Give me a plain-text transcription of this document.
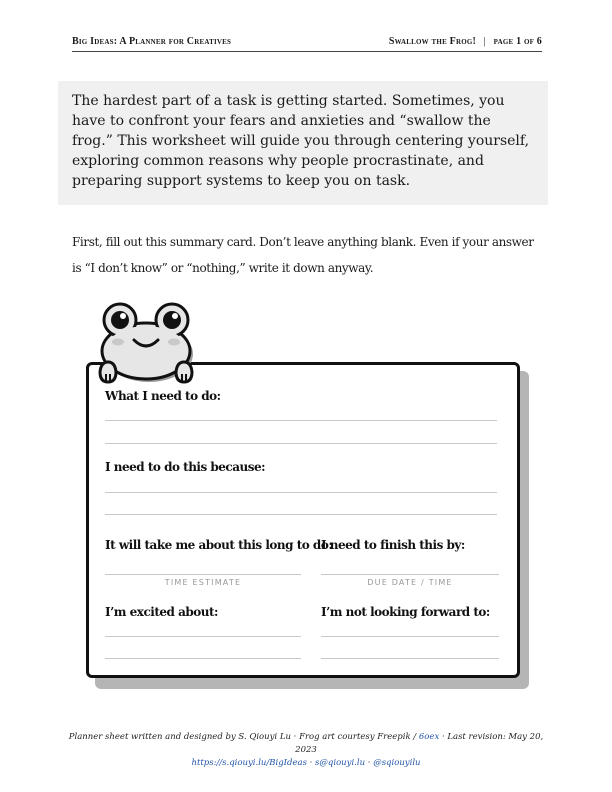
Big Ideas: A Planner for Creatives	Swallow the Frog! | page 1 of 6
The hardest part of a task is getting started. Sometimes, you have to confront your fears and anxieties and “swallow the frog.” This worksheet will guide you through centering yourself, exploring common reasons why people procrastinate, and preparing support systems to keep you on task.
First, fill out this summary card. Don’t leave anything blank. Even if your answer is “I don’t know” or “nothing,” write it down anyway.
What I need to do:
I need to do this because:
It will take me about this long to do:
TIME ESTIMATE
I need to finish this by:
DUE DATE / TIME
I’m excited about:	I’m not looking forward to:
Planner sheet written and designed by S. Qiouyi Lu · Frog art courtesy Freepik / 6oex · Last revision: May 20, 2023
https://s.qiouyi.lu/BigIdeas · s@qiouyi.lu · @sqiouyilu
